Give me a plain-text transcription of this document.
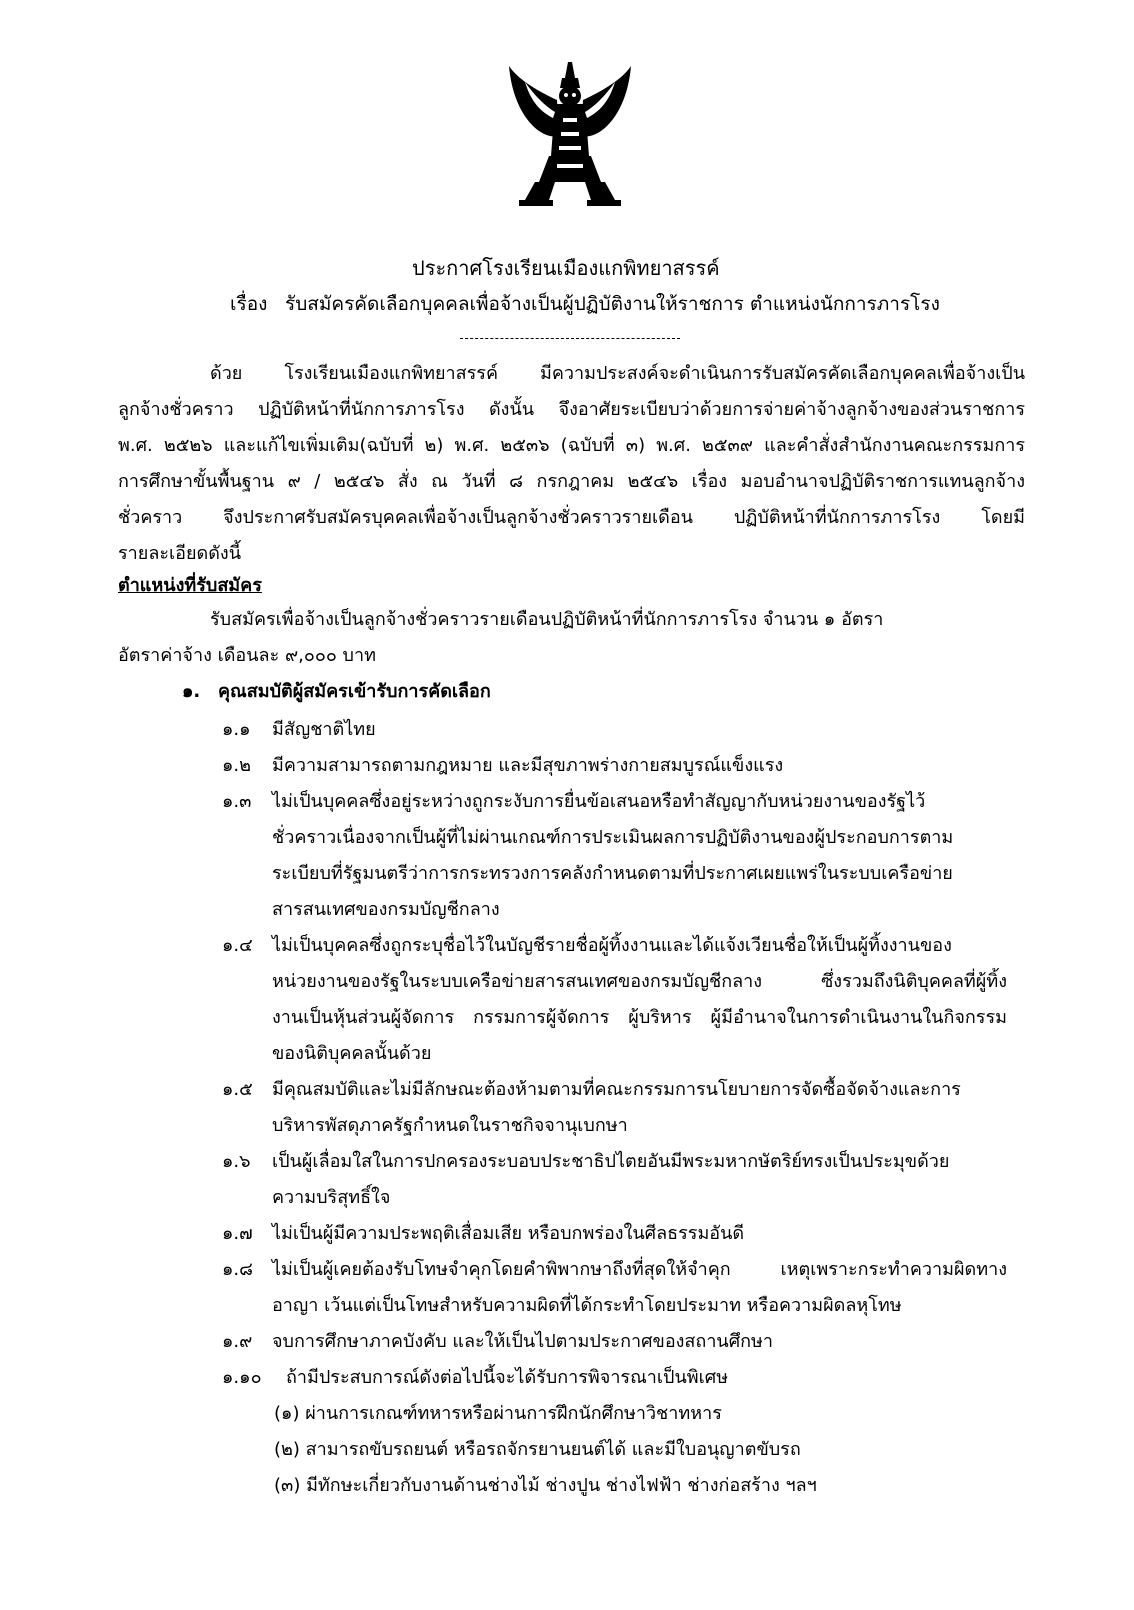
ประกาศโรงเรียนเมืองแกพิทยาสรรค์
เรื่อง รับสมัครคัดเลือกบุคคลเพื่อจ้างเป็นผู้ปฏิบัติงานให้ราชการ ตำแหน่งนักการภารโรง
ด้วย โรงเรียนเมืองแกพิทยาสรรค์ มีความประสงค์จะดำเนินการรับสมัครคัดเลือกบุคคลเพื่อจ้างเป็น
ลูกจ้างชั่วคราว ปฏิบัติหน้าที่นักการภารโรง ดังนั้น จึงอาศัยระเบียบว่าด้วยการจ่ายค่าจ้างลูกจ้างของส่วนราชการ
พ.ศ. ๒๕๒๖ และแก้ไขเพิ่มเติม(ฉบับที่ ๒) พ.ศ. ๒๕๓๖ (ฉบับที่ ๓) พ.ศ. ๒๕๓๙ และคำสั่งสำนักงานคณะกรรมการ
การศึกษาขั้นพื้นฐาน ๙ / ๒๕๔๖ สั่ง ณ วันที่ ๘ กรกฎาคม ๒๕๔๖ เรื่อง มอบอำนาจปฏิบัติราชการแทนลูกจ้าง
ชั่วคราว จึงประกาศรับสมัครบุคคลเพื่อจ้างเป็นลูกจ้างชั่วคราวรายเดือน ปฏิบัติหน้าที่นักการภารโรง โดยมี
รายละเอียดดังนี้
ตำแหน่งที่รับสมัคร
รับสมัครเพื่อจ้างเป็นลูกจ้างชั่วคราวรายเดือนปฏิบัติหน้าที่นักการภารโรง จำนวน ๑ อัตรา
อัตราค่าจ้าง เดือนละ ๙,๐๐๐ บาท
๑. คุณสมบัติผู้สมัครเข้ารับการคัดเลือก
๑.๑ มีสัญชาติไทย
๑.๒ มีความสามารถตามกฎหมาย และมีสุขภาพร่างกายสมบูรณ์แข็งแรง
๑.๓ ไม่เป็นบุคคลซึ่งอยู่ระหว่างถูกระงับการยื่นข้อเสนอหรือทำสัญญากับหน่วยงานของรัฐไว้
ชั่วคราวเนื่องจากเป็นผู้ที่ไม่ผ่านเกณฑ์การประเมินผลการปฏิบัติงานของผู้ประกอบการตาม
ระเบียบที่รัฐมนตรีว่าการกระทรวงการคลังกำหนดตามที่ประกาศเผยแพร่ในระบบเครือข่าย
สารสนเทศของกรมบัญชีกลาง
๑.๔ ไม่เป็นบุคคลซึ่งถูกระบุชื่อไว้ในบัญชีรายชื่อผู้ทิ้งงานและได้แจ้งเวียนชื่อให้เป็นผู้ทิ้งงานของ
หน่วยงานของรัฐในระบบเครือข่ายสารสนเทศของกรมบัญชีกลาง ซึ่งรวมถึงนิติบุคคลที่ผู้ทิ้ง
งานเป็นหุ้นส่วนผู้จัดการ กรรมการผู้จัดการ ผู้บริหาร ผู้มีอำนาจในการดำเนินงานในกิจกรรม
ของนิติบุคคลนั้นด้วย
๑.๕ มีคุณสมบัติและไม่มีลักษณะต้องห้ามตามที่คณะกรรมการนโยบายการจัดซื้อจัดจ้างและการ
บริหารพัสดุภาครัฐกำหนดในราชกิจจานุเบกษา
๑.๖ เป็นผู้เลื่อมใสในการปกครองระบอบประชาธิปไตยอันมีพระมหากษัตริย์ทรงเป็นประมุขด้วย
ความบริสุทธิ์ใจ
๑.๗ ไม่เป็นผู้มีความประพฤติเสื่อมเสีย หรือบกพร่องในศีลธรรมอันดี
๑.๘ ไม่เป็นผู้เคยต้องรับโทษจำคุกโดยคำพิพากษาถึงที่สุดให้จำคุก เหตุเพราะกระทำความผิดทาง
อาญา เว้นแต่เป็นโทษสำหรับความผิดที่ได้กระทำโดยประมาท หรือความผิดลหุโทษ
๑.๙ จบการศึกษาภาคบังคับ และให้เป็นไปตามประกาศของสถานศึกษา
๑.๑๐ ถ้ามีประสบการณ์ดังต่อไปนี้จะได้รับการพิจารณาเป็นพิเศษ
(๑) ผ่านการเกณฑ์ทหารหรือผ่านการฝึกนักศึกษาวิชาทหาร
(๒) สามารถขับรถยนต์ หรือรถจักรยานยนต์ได้ และมีใบอนุญาตขับรถ
(๓) มีทักษะเกี่ยวกับงานด้านช่างไม้ ช่างปูน ช่างไฟฟ้า ช่างก่อสร้าง ฯลฯ
